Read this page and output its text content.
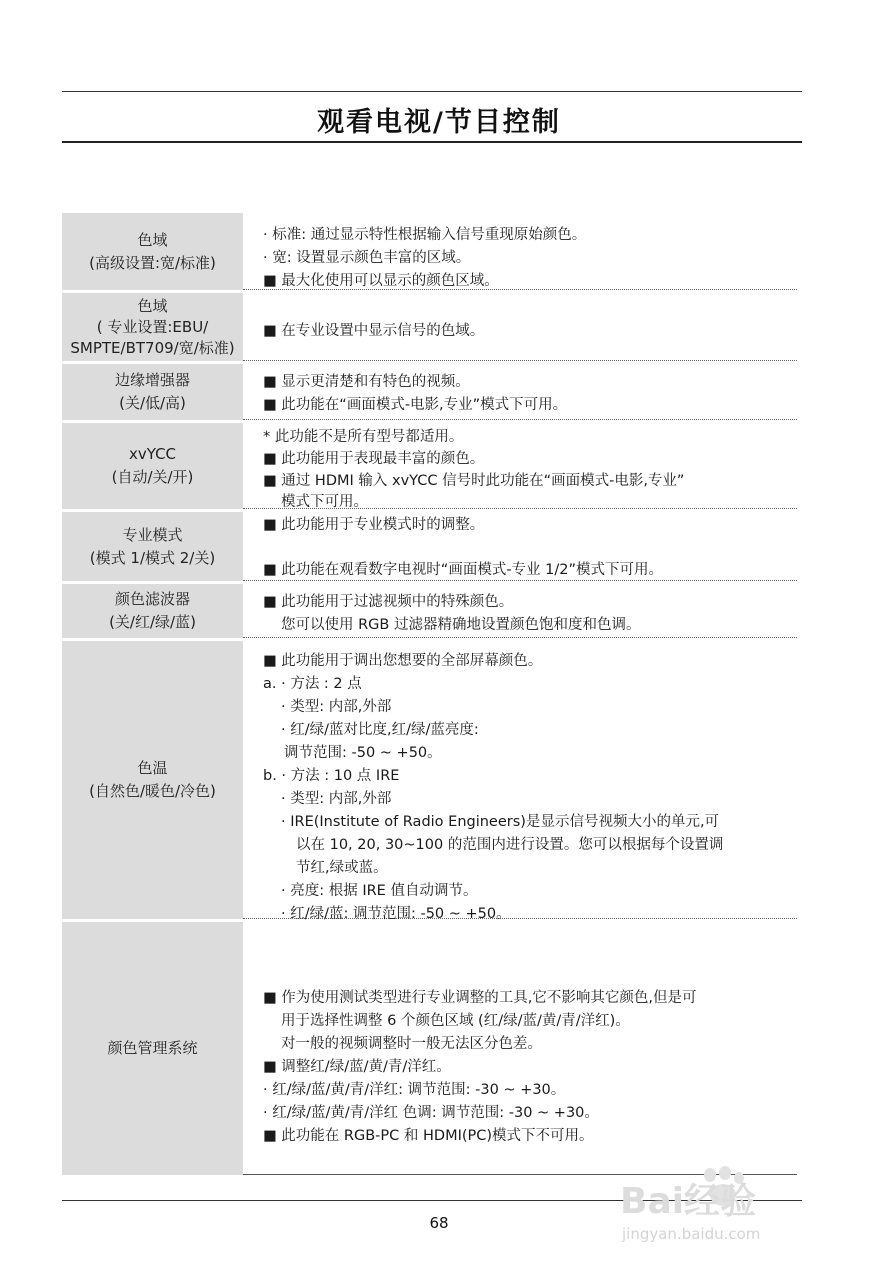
观看电视/节目控制
色域
(高级设置:宽/标准)
· 标准: 通过显示特性根据输入信号重现原始颜色。
· 宽: 设置显示颜色丰富的区域。
■ 最大化使用可以显示的颜色区域。
色域
( 专业设置:EBU/
SMPTE/BT709/宽/标准)
■ 在专业设置中显示信号的色域。
边缘增强器
(关/低/高)
■ 显示更清楚和有特色的视频。
■ 此功能在“画面模式-电影,专业”模式下可用。
xvYCC
(自动/关/开)
* 此功能不是所有型号都适用。
■ 此功能用于表现最丰富的颜色。
■ 通过 HDMI 输入 xvYCC 信号时此功能在“画面模式-电影,专业”
模式下可用。
专业模式
(模式 1/模式 2/关)
■ 此功能用于专业模式时的调整。
■ 此功能在观看数字电视时“画面模式-专业 1/2”模式下可用。
颜色滤波器
(关/红/绿/蓝)
■ 此功能用于过滤视频中的特殊颜色。
您可以使用 RGB 过滤器精确地设置颜色饱和度和色调。
色温
(自然色/暖色/冷色)
■ 此功能用于调出您想要的全部屏幕颜色。
a. · 方法 : 2 点
· 类型: 内部,外部
· 红/绿/蓝对比度,红/绿/蓝亮度:
调节范围: -50 ~ +50。
b. · 方法 : 10 点 IRE
· 类型: 内部,外部
· IRE(Institute of Radio Engineers)是显示信号视频大小的单元,可
以在 10, 20, 30~100 的范围内进行设置。您可以根据每个设置调
节红,绿或蓝。
· 亮度: 根据 IRE 值自动调节。
· 红/绿/蓝: 调节范围: -50 ~ +50。
颜色管理系统
■ 作为使用测试类型进行专业调整的工具,它不影响其它颜色,但是可
用于选择性调整 6 个颜色区域 (红/绿/蓝/黄/青/洋红)。
对一般的视频调整时一般无法区分色差。
■ 调整红/绿/蓝/黄/青/洋红。
· 红/绿/蓝/黄/青/洋红: 调节范围: -30 ~ +30。
· 红/绿/蓝/黄/青/洋红 色调: 调节范围: -30 ~ +30。
■ 此功能在 RGB-PC 和 HDMI(PC)模式下不可用。
68
Bai经验
jingyan.baidu.com
